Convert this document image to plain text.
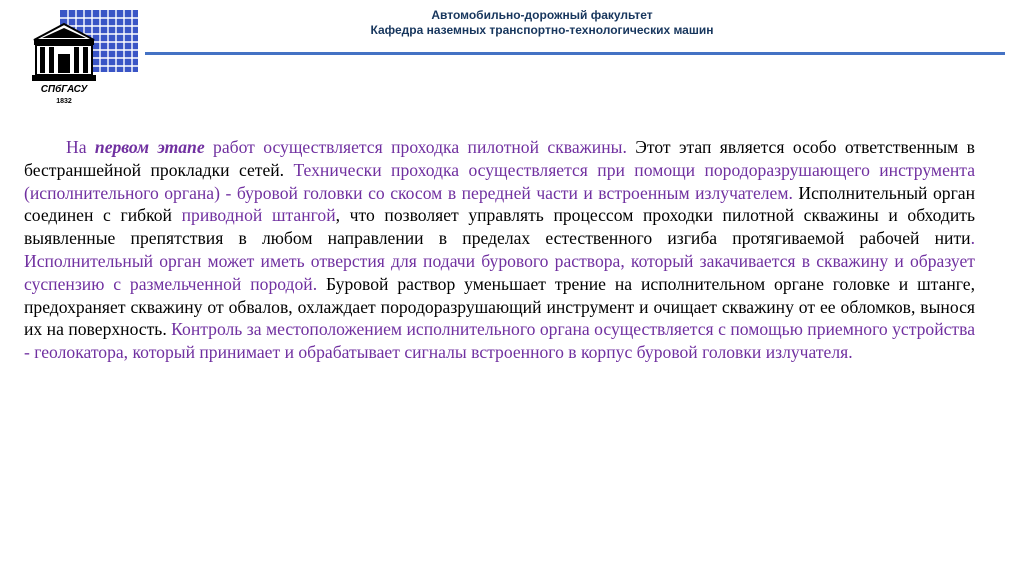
СПбГАСУ
1832
Автомобильно-дорожный факультет
Кафедра наземных транспортно-технологических машин
На первом этапе работ осуществляется проходка пилотной скважины. Этот этап является особо ответственным в бестраншейной прокладки сетей. Технически проходка осуществляется при помощи породоразрушающего инструмента (исполнительного органа) - буровой головки со скосом в передней части и встроенным излучателем. Исполнительный орган соединен с гибкой приводной штангой, что позволяет управлять процессом проходки пилотной скважины и обходить выявленные препятствия в любом направлении в пределах естественного изгиба протягиваемой рабочей нити. Исполнительный орган может иметь отверстия для подачи бурового раствора, который закачивается в скважину и образует суспензию с размельченной породой. Буровой раствор уменьшает трение на исполнительном органе головке и штанге, предохраняет скважину от обвалов, охлаждает породоразрушающий инструмент и очищает скважину от ее обломков, вынося их на поверхность. Контроль за местоположением исполнительного органа осуществляется с помощью приемного устройства - геолокатора, который принимает и обрабатывает сигналы встроенного в корпус буровой головки излучателя.
